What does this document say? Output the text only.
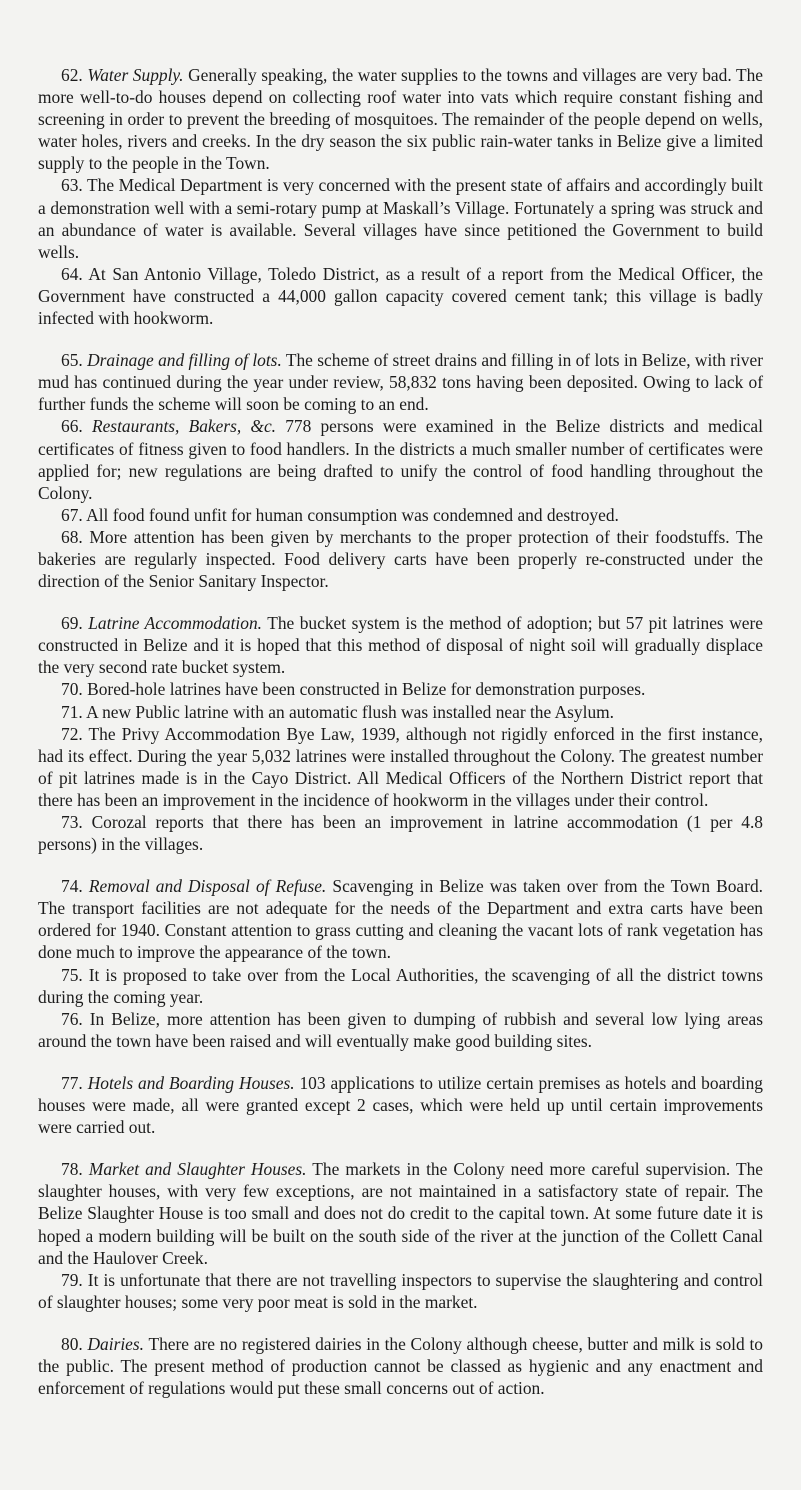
62. Water Supply. Generally speaking, the water supplies to the towns and villages are very bad. The more well-to-do houses depend on collecting roof water into vats which require constant fishing and screening in order to prevent the breeding of mosquitoes. The remainder of the people depend on wells, water holes, rivers and creeks. In the dry season the six public rain-water tanks in Belize give a limited supply to the people in the Town.

63. The Medical Department is very concerned with the present state of affairs and accordingly built a demonstration well with a semi-rotary pump at Maskall’s Village. Fortunately a spring was struck and an abundance of water is available. Several villages have since petitioned the Government to build wells.

64. At San Antonio Village, Toledo District, as a result of a report from the Medical Officer, the Government have constructed a 44,000 gallon capacity covered cement tank; this village is badly infected with hookworm.

65. Drainage and filling of lots. The scheme of street drains and filling in of lots in Belize, with river mud has continued during the year under review, 58,832 tons having been deposited. Owing to lack of further funds the scheme will soon be coming to an end.

66. Restaurants, Bakers, &c. 778 persons were examined in the Belize districts and medical certificates of fitness given to food handlers. In the districts a much smaller number of certificates were applied for; new regulations are being drafted to unify the control of food handling throughout the Colony.

67. All food found unfit for human consumption was condemned and destroyed.

68. More attention has been given by merchants to the proper protection of their foodstuffs. The bakeries are regularly inspected. Food delivery carts have been properly re-constructed under the direction of the Senior Sanitary Inspector.

69. Latrine Accommodation. The bucket system is the method of adoption; but 57 pit latrines were constructed in Belize and it is hoped that this method of disposal of night soil will gradually displace the very second rate bucket system.

70. Bored-hole latrines have been constructed in Belize for demonstration purposes.

71. A new Public latrine with an automatic flush was installed near the Asylum.

72. The Privy Accommodation Bye Law, 1939, although not rigidly enforced in the first instance, had its effect. During the year 5,032 latrines were installed throughout the Colony. The greatest number of pit latrines made is in the Cayo District. All Medical Officers of the Northern District report that there has been an improvement in the incidence of hookworm in the villages under their control.

73. Corozal reports that there has been an improvement in latrine accommodation (1 per 4.8 persons) in the villages.

74. Removal and Disposal of Refuse. Scavenging in Belize was taken over from the Town Board. The transport facilities are not adequate for the needs of the Department and extra carts have been ordered for 1940. Constant attention to grass cutting and cleaning the vacant lots of rank vegetation has done much to improve the appearance of the town.

75. It is proposed to take over from the Local Authorities, the scavenging of all the district towns during the coming year.

76. In Belize, more attention has been given to dumping of rubbish and several low lying areas around the town have been raised and will eventually make good building sites.

77. Hotels and Boarding Houses. 103 applications to utilize certain premises as hotels and boarding houses were made, all were granted except 2 cases, which were held up until certain improvements were carried out.

78. Market and Slaughter Houses. The markets in the Colony need more careful supervision. The slaughter houses, with very few exceptions, are not maintained in a satisfactory state of repair. The Belize Slaughter House is too small and does not do credit to the capital town. At some future date it is hoped a modern building will be built on the south side of the river at the junction of the Collett Canal and the Haulover Creek.

79. It is unfortunate that there are not travelling inspectors to supervise the slaughtering and control of slaughter houses; some very poor meat is sold in the market.

80. Dairies. There are no registered dairies in the Colony although cheese, butter and milk is sold to the public. The present method of production cannot be classed as hygienic and any enactment and enforcement of regulations would put these small concerns out of action.
